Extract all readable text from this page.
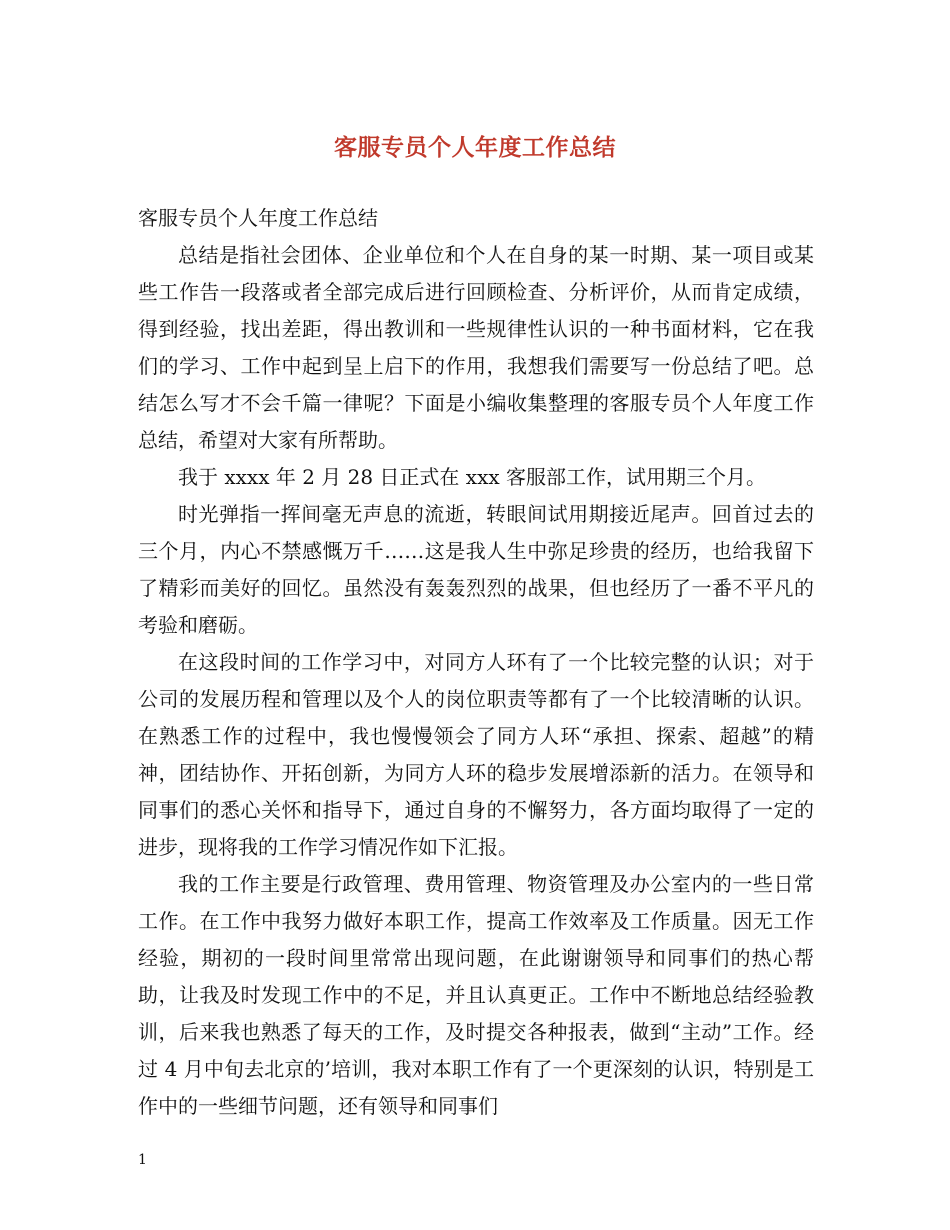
客服专员个人年度工作总结

客服专员个人年度工作总结

总结是指社会团体、企业单位和个人在自身的某一时期、某一项目或某些工作告一段落或者全部完成后进行回顾检查、分析评价，从而肯定成绩，得到经验，找出差距，得出教训和一些规律性认识的一种书面材料，它在我们的学习、工作中起到呈上启下的作用，我想我们需要写一份总结了吧。总结怎么写才不会千篇一律呢？下面是小编收集整理的客服专员个人年度工作总结，希望对大家有所帮助。

我于 xxxx 年 2 月 28 日正式在 xxx 客服部工作，试用期三个月。

时光弹指一挥间毫无声息的流逝，转眼间试用期接近尾声。回首过去的三个月，内心不禁感慨万千……这是我人生中弥足珍贵的经历，也给我留下了精彩而美好的回忆。虽然没有轰轰烈烈的战果，但也经历了一番不平凡的考验和磨砺。

在这段时间的工作学习中，对同方人环有了一个比较完整的认识；对于公司的发展历程和管理以及个人的岗位职责等都有了一个比较清晰的认识。在熟悉工作的过程中，我也慢慢领会了同方人环“承担、探索、超越”的精神，团结协作、开拓创新，为同方人环的稳步发展增添新的活力。在领导和同事们的悉心关怀和指导下，通过自身的不懈努力，各方面均取得了一定的进步，现将我的工作学习情况作如下汇报。

我的工作主要是行政管理、费用管理、物资管理及办公室内的一些日常工作。在工作中我努力做好本职工作，提高工作效率及工作质量。因无工作经验，期初的一段时间里常常出现问题，在此谢谢领导和同事们的热心帮助，让我及时发现工作中的不足，并且认真更正。工作中不断地总结经验教训，后来我也熟悉了每天的工作，及时提交各种报表，做到“主动”工作。经过 4 月中旬去北京的’培训，我对本职工作有了一个更深刻的认识，特别是工作中的一些细节问题，还有领导和同事们

1
